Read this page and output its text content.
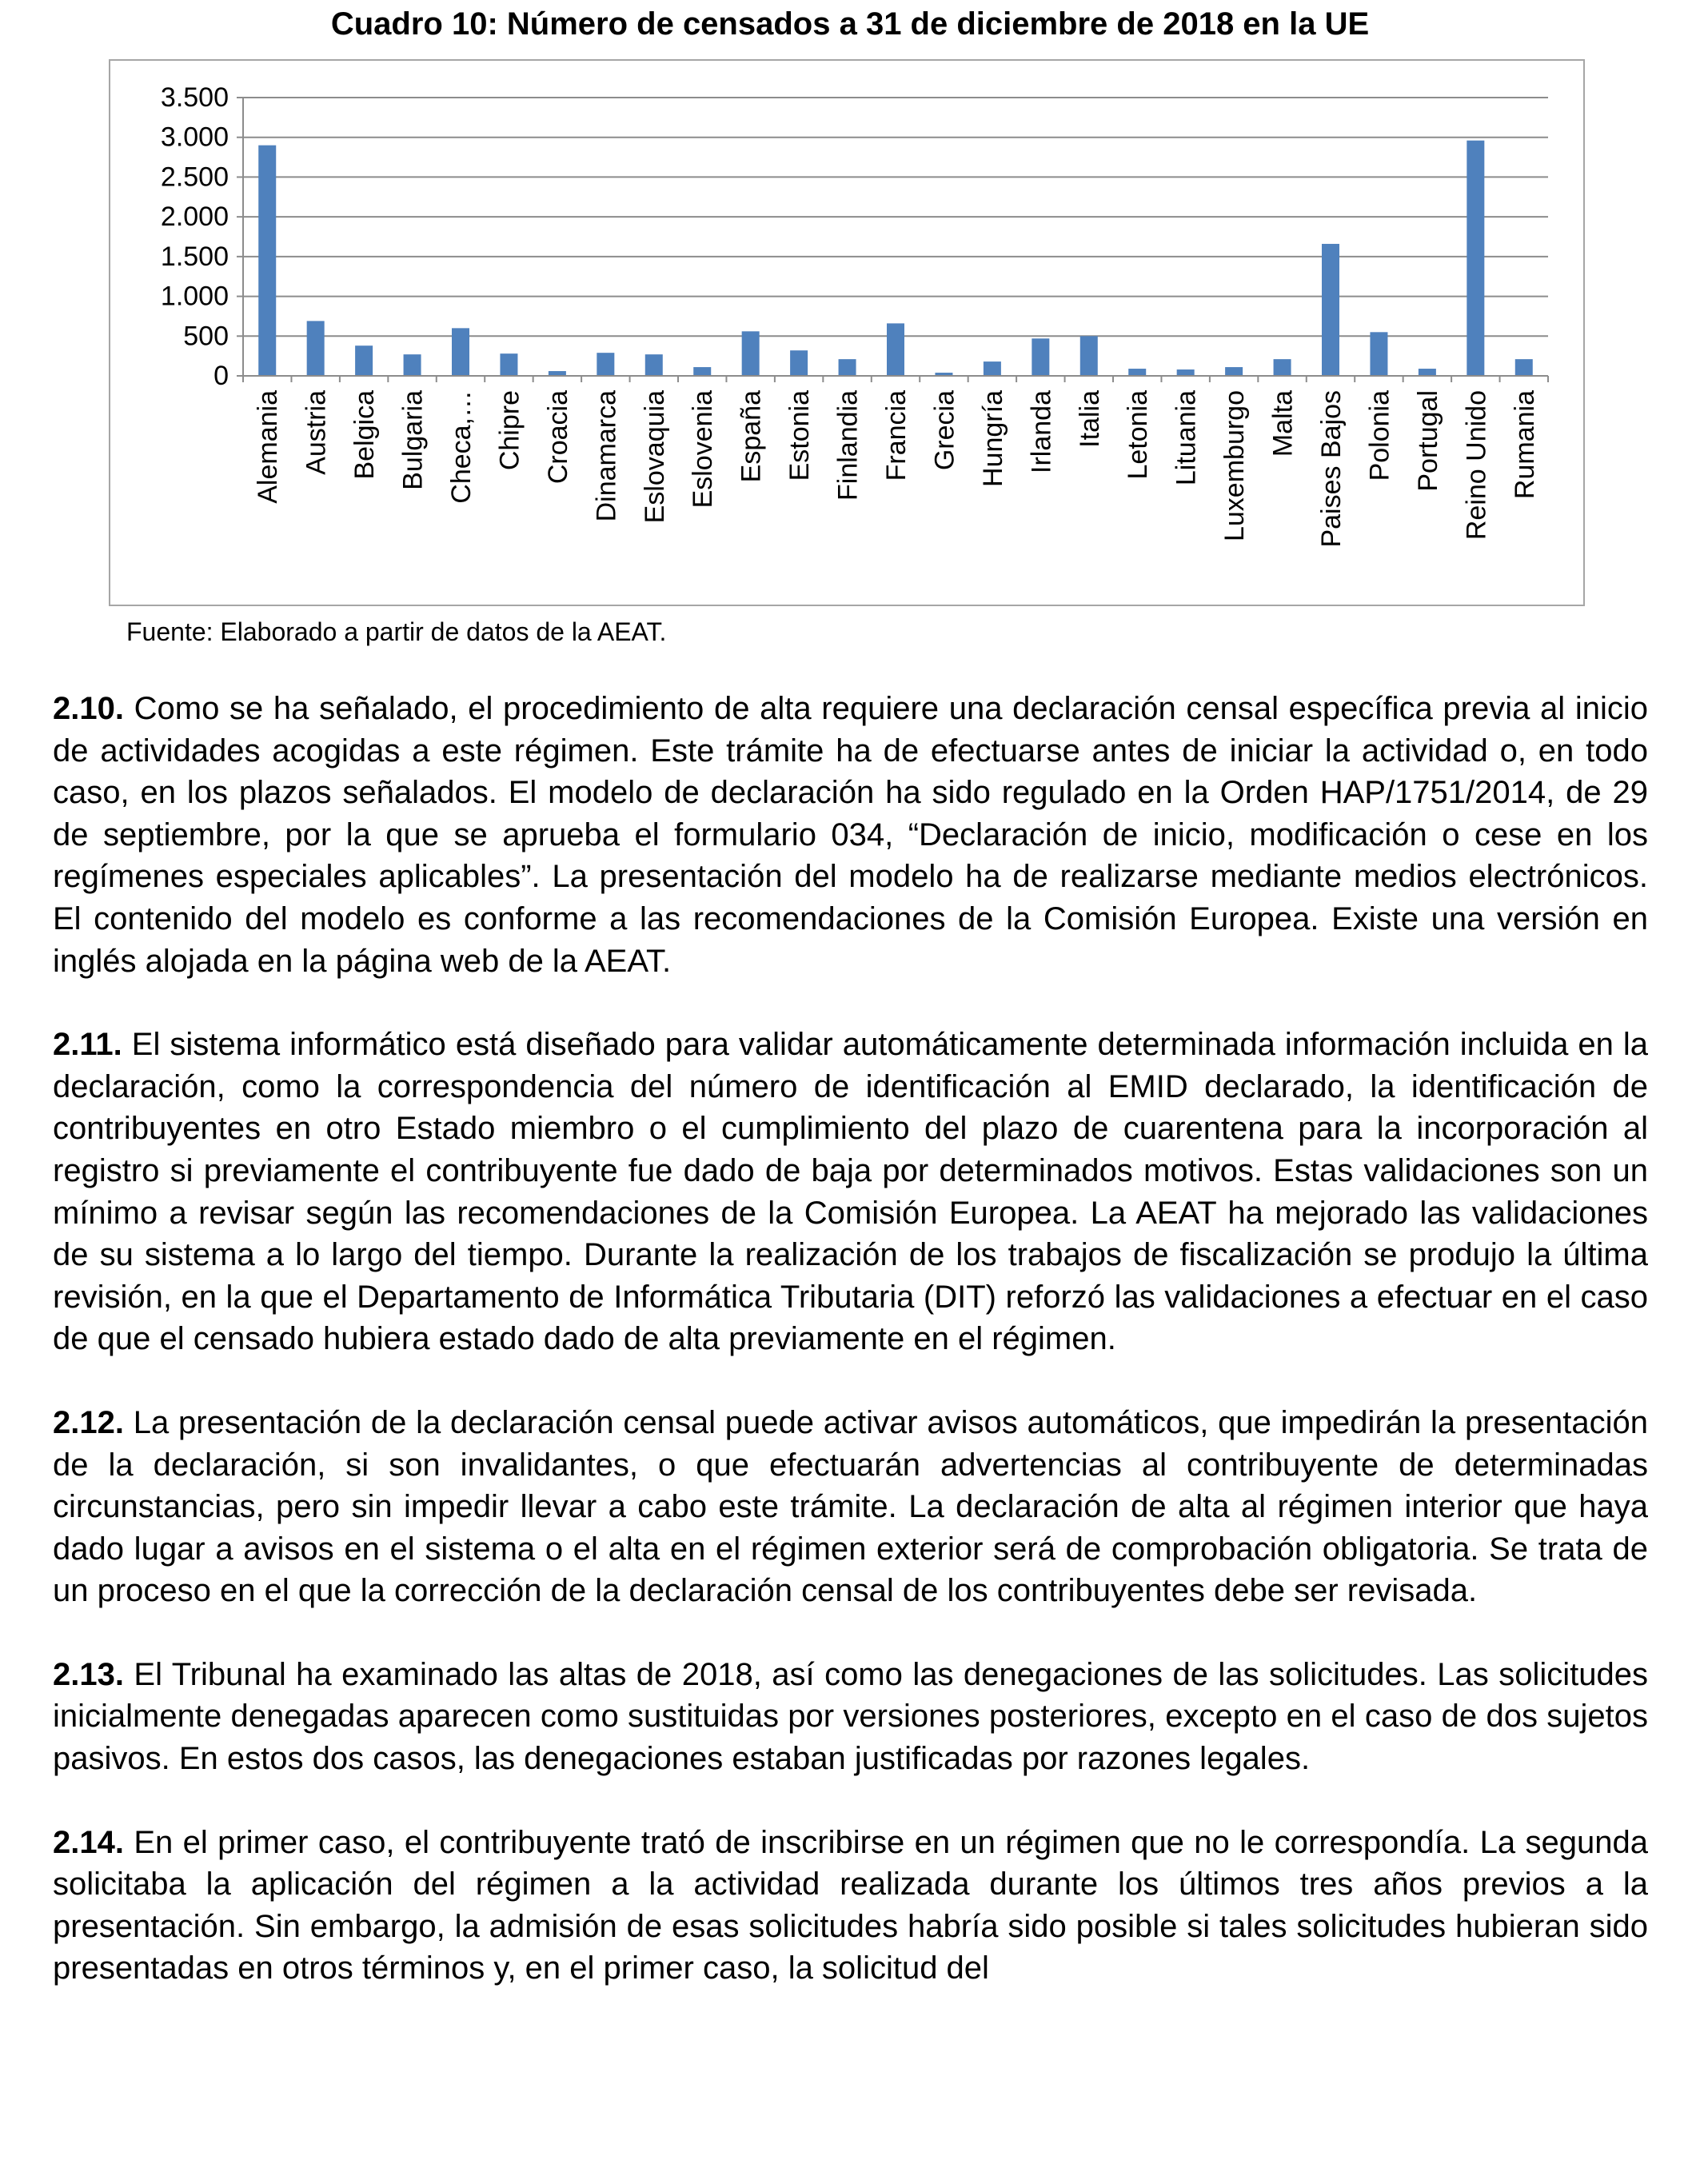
Cuadro 10: Número de censados a 31 de diciembre de 2018 en la UE
0
500
1.000
1.500
2.000
2.500
3.000
3.500
Alemania Austria Belgica Bulgaria Checa,… Chipre Croacia Dinamarca Eslovaquia Eslovenia España Estonia Finlandia Francia Grecia Hungría Irlanda Italia Letonia Lituania Luxemburgo Malta Paises Bajos Polonia Portugal Reino Unido Rumania
Fuente: Elaborado a partir de datos de la AEAT.

2.10. Como se ha señalado, el procedimiento de alta requiere una declaración censal específica previa al inicio de actividades acogidas a este régimen. Este trámite ha de efectuarse antes de iniciar la actividad o, en todo caso, en los plazos señalados. El modelo de declaración ha sido regulado en la Orden HAP/1751/2014, de 29 de septiembre, por la que se aprueba el formulario 034, “Declaración de inicio, modificación o cese en los regímenes especiales aplicables”. La presentación del modelo ha de realizarse mediante medios electrónicos. El contenido del modelo es conforme a las recomendaciones de la Comisión Europea. Existe una versión en inglés alojada en la página web de la AEAT.

2.11. El sistema informático está diseñado para validar automáticamente determinada información incluida en la declaración, como la correspondencia del número de identificación al EMID declarado, la identificación de contribuyentes en otro Estado miembro o el cumplimiento del plazo de cuarentena para la incorporación al registro si previamente el contribuyente fue dado de baja por determinados motivos. Estas validaciones son un mínimo a revisar según las recomendaciones de la Comisión Europea. La AEAT ha mejorado las validaciones de su sistema a lo largo del tiempo. Durante la realización de los trabajos de fiscalización se produjo la última revisión, en la que el Departamento de Informática Tributaria (DIT) reforzó las validaciones a efectuar en el caso de que el censado hubiera estado dado de alta previamente en el régimen.

2.12. La presentación de la declaración censal puede activar avisos automáticos, que impedirán la presentación de la declaración, si son invalidantes, o que efectuarán advertencias al contribuyente de determinadas circunstancias, pero sin impedir llevar a cabo este trámite. La declaración de alta al régimen interior que haya dado lugar a avisos en el sistema o el alta en el régimen exterior será de comprobación obligatoria. Se trata de un proceso en el que la corrección de la declaración censal de los contribuyentes debe ser revisada.

2.13. El Tribunal ha examinado las altas de 2018, así como las denegaciones de las solicitudes. Las solicitudes inicialmente denegadas aparecen como sustituidas por versiones posteriores, excepto en el caso de dos sujetos pasivos. En estos dos casos, las denegaciones estaban justificadas por razones legales.

2.14. En el primer caso, el contribuyente trató de inscribirse en un régimen que no le correspondía. La segunda solicitaba la aplicación del régimen a la actividad realizada durante los últimos tres años previos a la presentación. Sin embargo, la admisión de esas solicitudes habría sido posible si tales solicitudes hubieran sido presentadas en otros términos y, en el primer caso, la solicitud del
